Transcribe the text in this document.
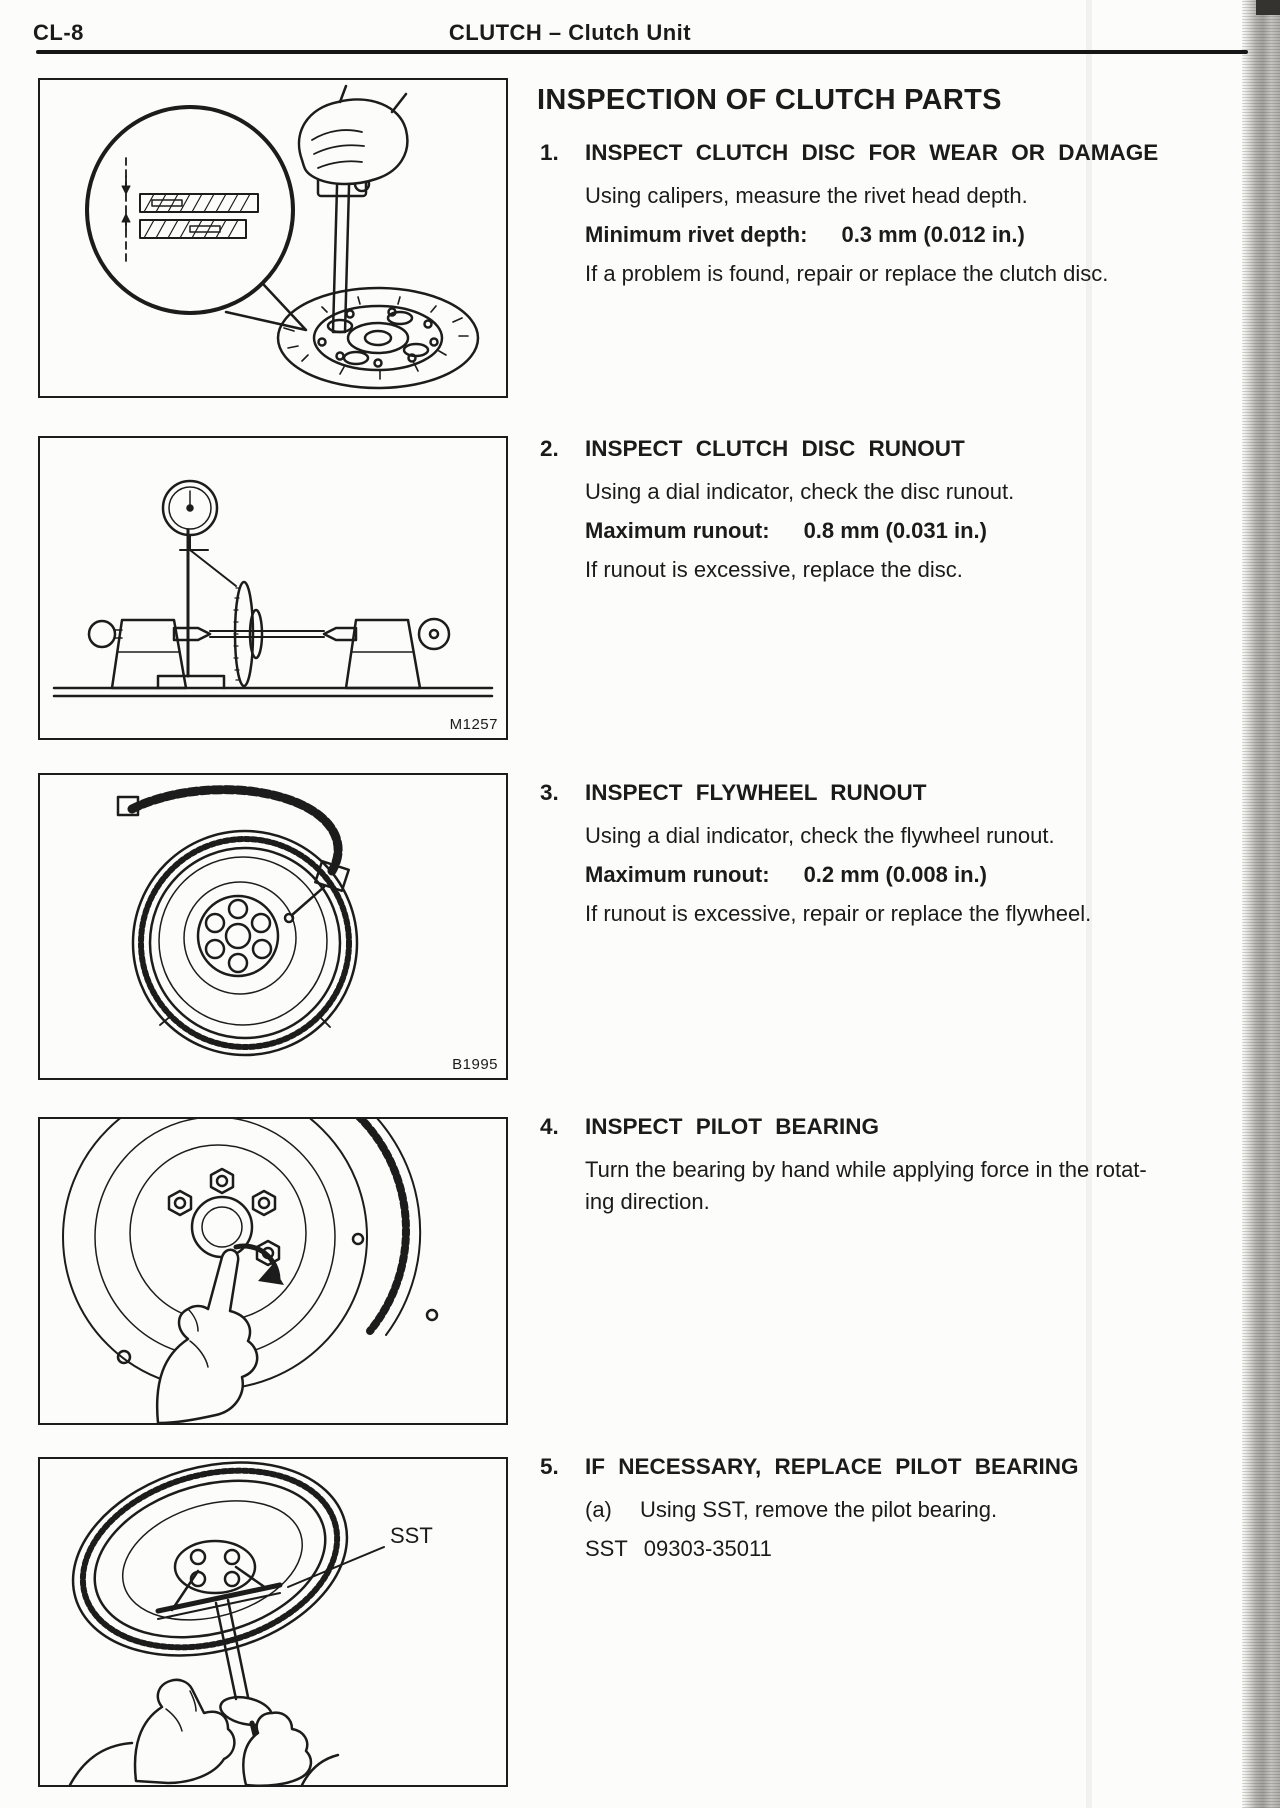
CL-8	CLUTCH – Clutch Unit
INSPECTION OF CLUTCH PARTS
M1257
B1995
SST
1. INSPECT CLUTCH DISC FOR WEAR OR DAMAGE

Using calipers, measure the rivet head depth.

Minimum rivet depth: 0.3 mm (0.012 in.)

If a problem is found, repair or replace the clutch disc.

2. INSPECT CLUTCH DISC RUNOUT

Using a dial indicator, check the disc runout.

Maximum runout: 0.8 mm (0.031 in.)

If runout is excessive, replace the disc.

3. INSPECT FLYWHEEL RUNOUT

Using a dial indicator, check the flywheel runout.

Maximum runout: 0.2 mm (0.008 in.)

If runout is excessive, repair or replace the flywheel.

4. INSPECT PILOT BEARING

Turn the bearing by hand while applying force in the rotat-
ing direction.

5. IF NECESSARY, REPLACE PILOT BEARING

(a) Using SST, remove the pilot bearing.

SST 09303-35011
